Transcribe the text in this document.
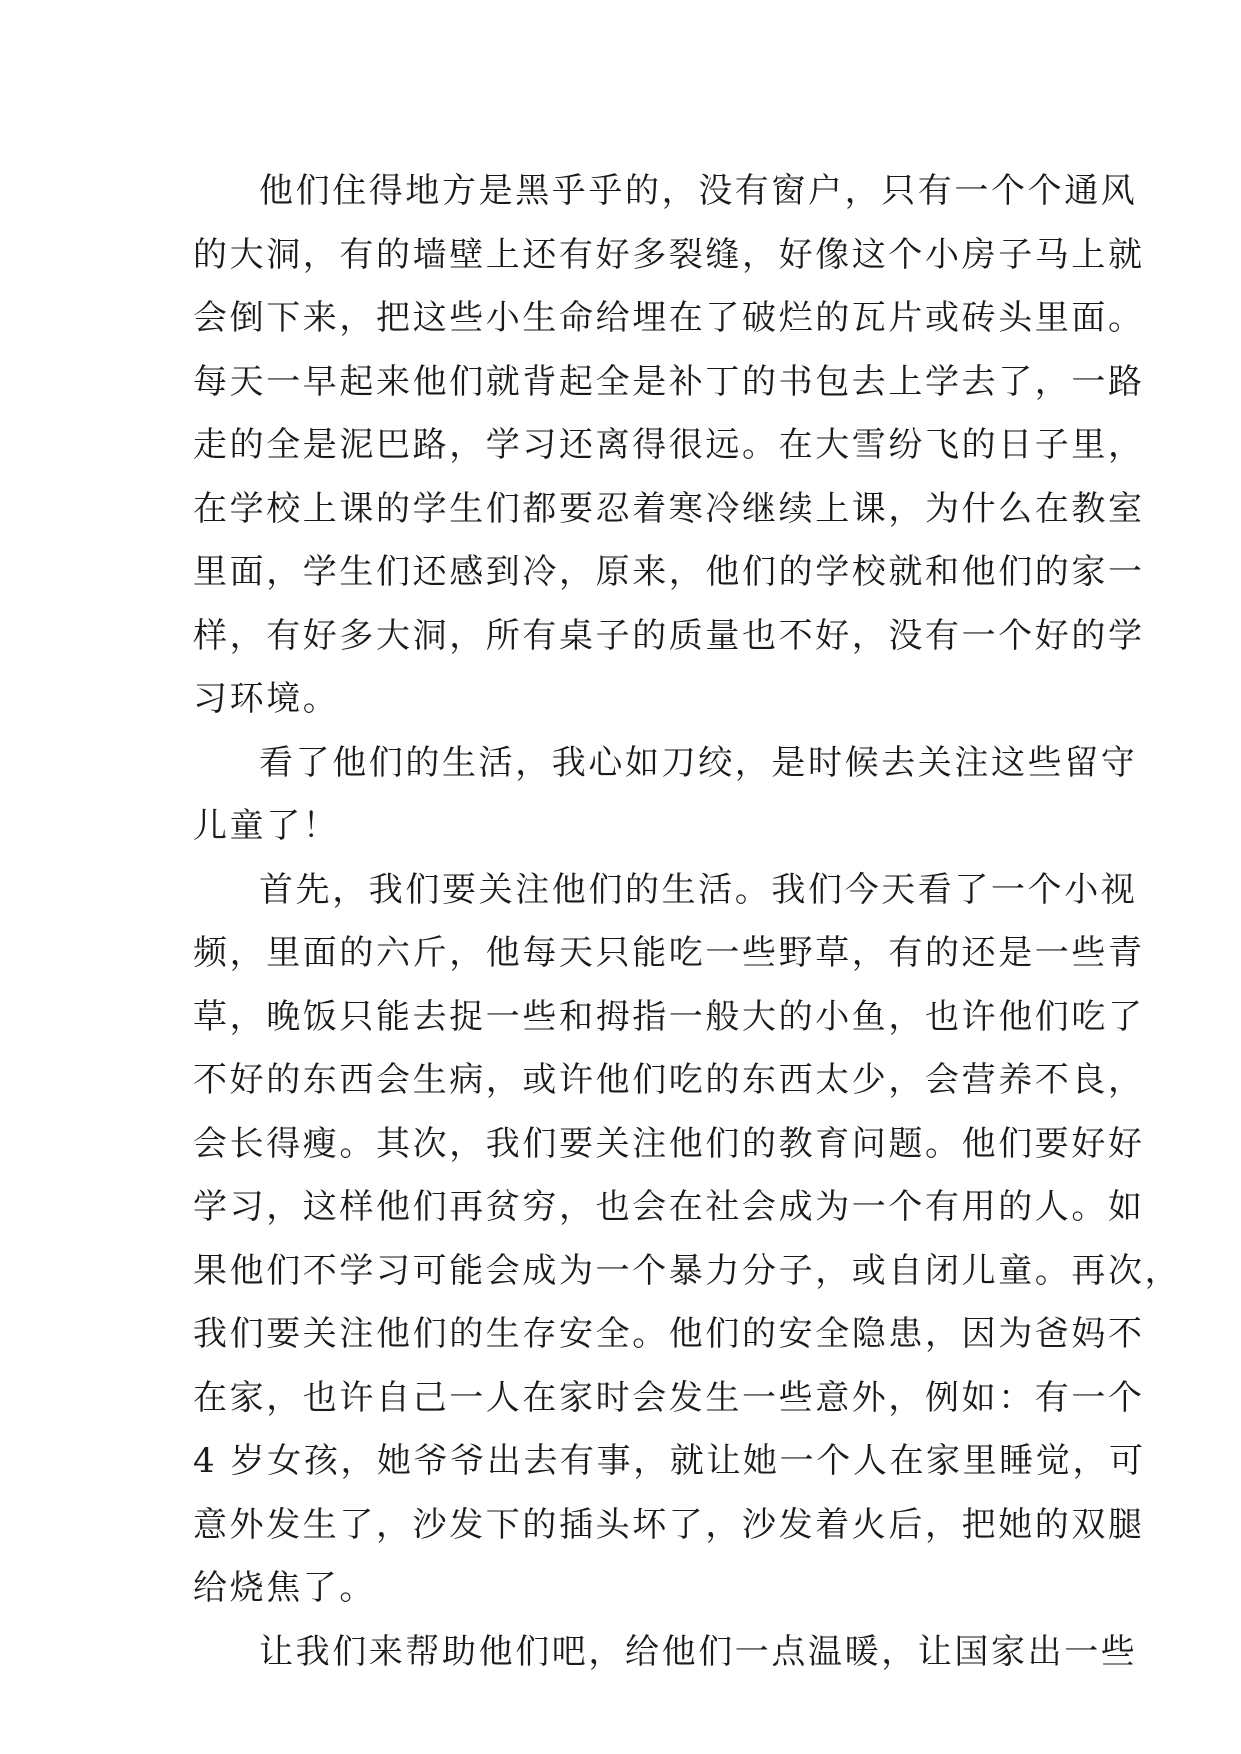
他们住得地方是黑乎乎的，没有窗户，只有一个个通风
的大洞，有的墙壁上还有好多裂缝，好像这个小房子马上就
会倒下来，把这些小生命给埋在了破烂的瓦片或砖头里面。
每天一早起来他们就背起全是补丁的书包去上学去了，一路
走的全是泥巴路，学习还离得很远。在大雪纷飞的日子里，
在学校上课的学生们都要忍着寒冷继续上课，为什么在教室
里面，学生们还感到冷，原来，他们的学校就和他们的家一
样，有好多大洞，所有桌子的质量也不好，没有一个好的学
习环境。
看了他们的生活，我心如刀绞，是时候去关注这些留守
儿童了！
首先，我们要关注他们的生活。我们今天看了一个小视
频，里面的六斤，他每天只能吃一些野草，有的还是一些青
草，晚饭只能去捉一些和拇指一般大的小鱼，也许他们吃了
不好的东西会生病，或许他们吃的东西太少，会营养不良，
会长得瘦。其次，我们要关注他们的教育问题。他们要好好
学习，这样他们再贫穷，也会在社会成为一个有用的人。如
果他们不学习可能会成为一个暴力分子，或自闭儿童。再次，
我们要关注他们的生存安全。他们的安全隐患，因为爸妈不
在家，也许自己一人在家时会发生一些意外，例如：有一个
4 岁女孩，她爷爷出去有事，就让她一个人在家里睡觉，可
意外发生了，沙发下的插头坏了，沙发着火后，把她的双腿
给烧焦了。
让我们来帮助他们吧，给他们一点温暖，让国家出一些
